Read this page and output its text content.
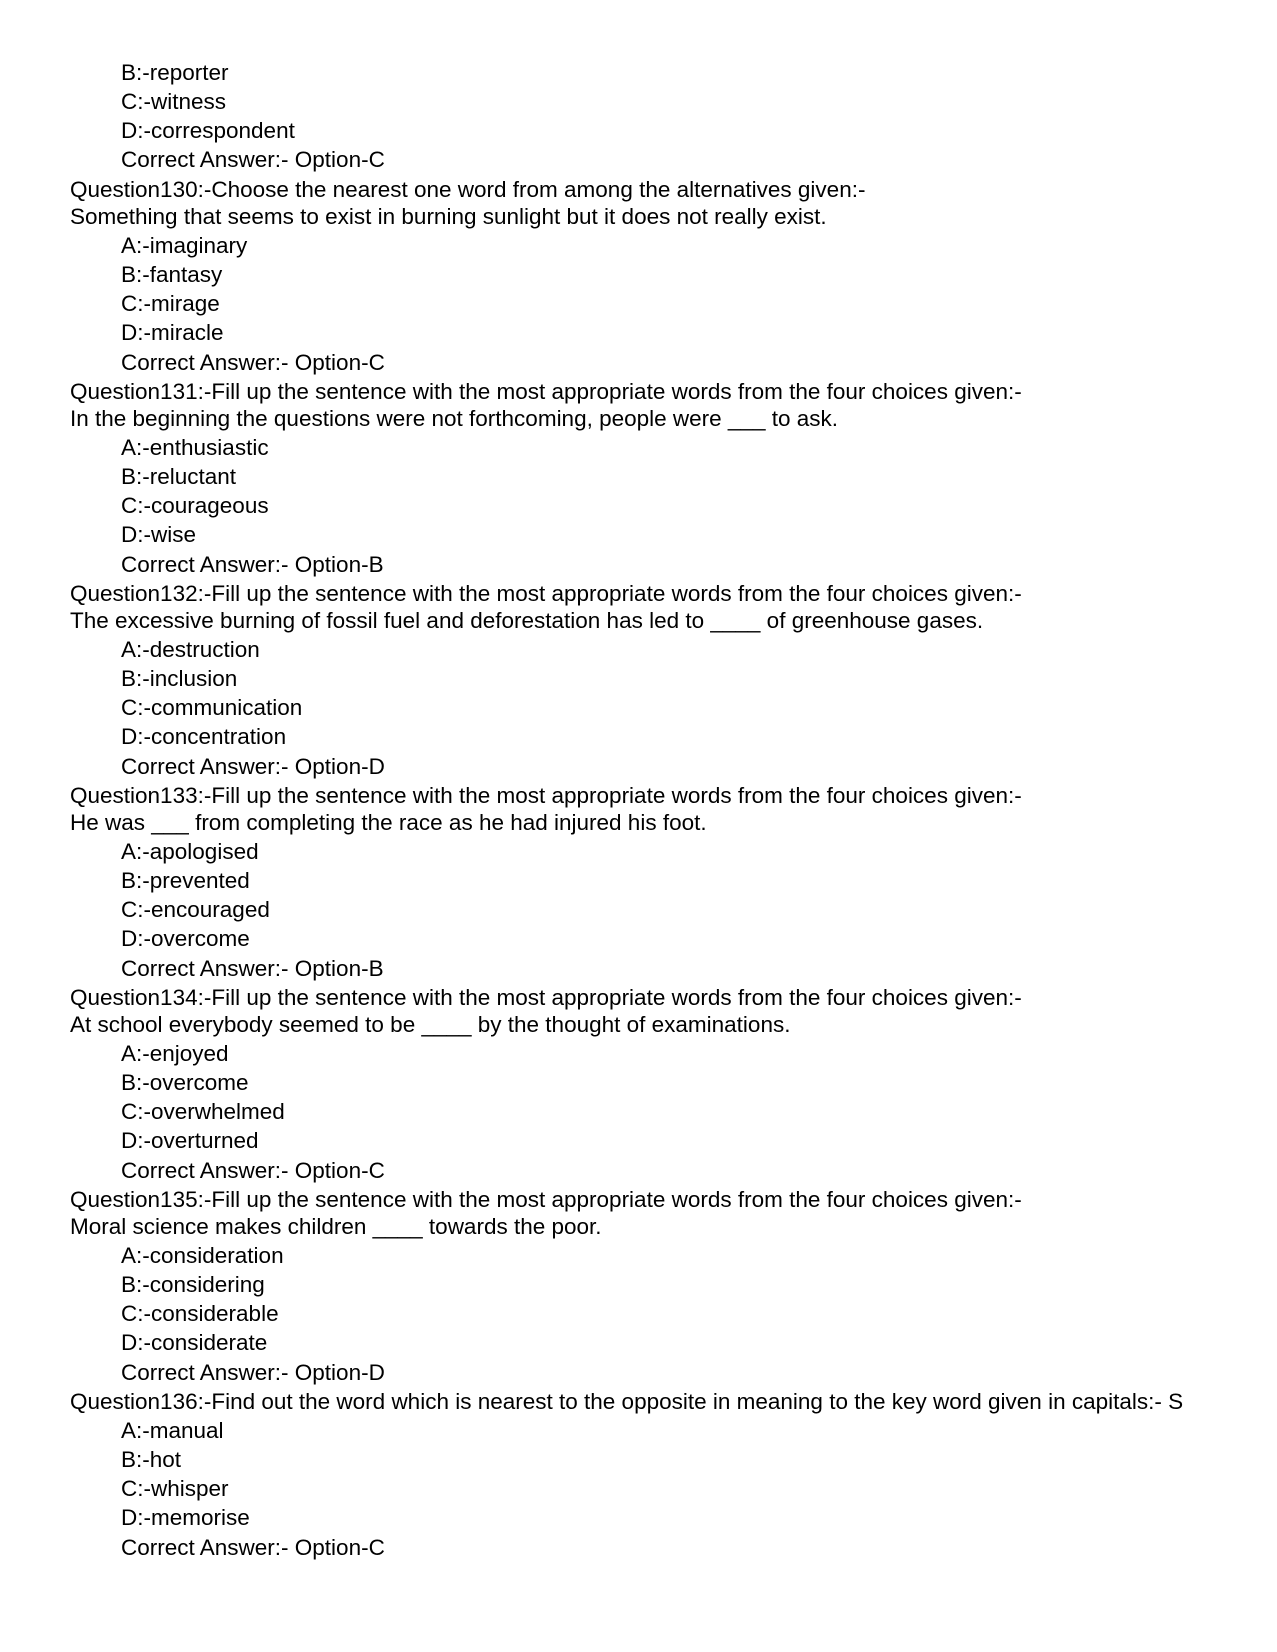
B:-reporter
C:-witness
D:-correspondent
Correct Answer:- Option-C
Question130:-Choose the nearest one word from among the alternatives given:-
Something that seems to exist in burning sunlight but it does not really exist.
A:-imaginary
B:-fantasy
C:-mirage
D:-miracle
Correct Answer:- Option-C
Question131:-Fill up the sentence with the most appropriate words from the four choices given:-
In the beginning the questions were not forthcoming, people were ___ to ask.
A:-enthusiastic
B:-reluctant
C:-courageous
D:-wise
Correct Answer:- Option-B
Question132:-Fill up the sentence with the most appropriate words from the four choices given:-
The excessive burning of fossil fuel and deforestation has led to ____ of greenhouse gases.
A:-destruction
B:-inclusion
C:-communication
D:-concentration
Correct Answer:- Option-D
Question133:-Fill up the sentence with the most appropriate words from the four choices given:-
He was ___ from completing the race as he had injured his foot.
A:-apologised
B:-prevented
C:-encouraged
D:-overcome
Correct Answer:- Option-B
Question134:-Fill up the sentence with the most appropriate words from the four choices given:-
At school everybody seemed to be ____ by the thought of examinations.
A:-enjoyed
B:-overcome
C:-overwhelmed
D:-overturned
Correct Answer:- Option-C
Question135:-Fill up the sentence with the most appropriate words from the four choices given:-
Moral science makes children ____ towards the poor.
A:-consideration
B:-considering
C:-considerable
D:-considerate
Correct Answer:- Option-D
Question136:-Find out the word which is nearest to the opposite in meaning to the key word given in capitals:- S
A:-manual
B:-hot
C:-whisper
D:-memorise
Correct Answer:- Option-C
